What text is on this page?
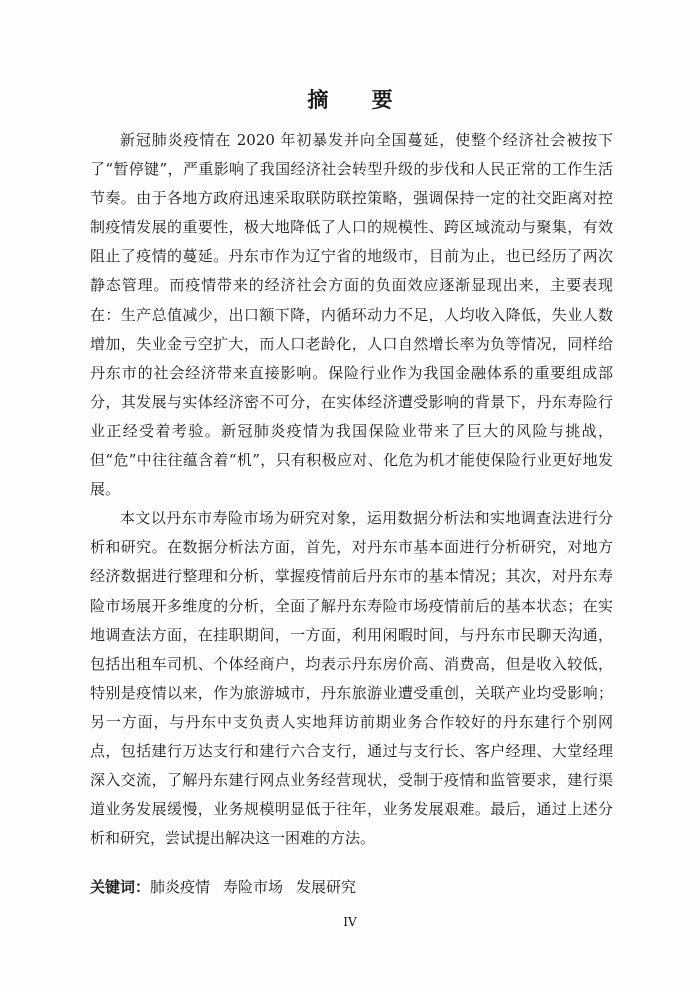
摘 要

新冠肺炎疫情在 2020 年初暴发并向全国蔓延，使整个经济社会被按下了“暂停键”，严重影响了我国经济社会转型升级的步伐和人民正常的工作生活节奏。由于各地方政府迅速采取联防联控策略，强调保持一定的社交距离对控制疫情发展的重要性，极大地降低了人口的规模性、跨区域流动与聚集，有效阻止了疫情的蔓延。丹东市作为辽宁省的地级市，目前为止，也已经历了两次静态管理。而疫情带来的经济社会方面的负面效应逐渐显现出来，主要表现在：生产总值减少，出口额下降，内循环动力不足，人均收入降低，失业人数增加，失业金亏空扩大，而人口老龄化，人口自然增长率为负等情况，同样给丹东市的社会经济带来直接影响。保险行业作为我国金融体系的重要组成部分，其发展与实体经济密不可分，在实体经济遭受影响的背景下，丹东寿险行业正经受着考验。新冠肺炎疫情为我国保险业带来了巨大的风险与挑战，但“危”中往往蕴含着“机”，只有积极应对、化危为机才能使保险行业更好地发展。

本文以丹东市寿险市场为研究对象，运用数据分析法和实地调查法进行分析和研究。在数据分析法方面，首先，对丹东市基本面进行分析研究，对地方经济数据进行整理和分析，掌握疫情前后丹东市的基本情况；其次，对丹东寿险市场展开多维度的分析，全面了解丹东寿险市场疫情前后的基本状态；在实地调查法方面，在挂职期间，一方面，利用闲暇时间，与丹东市民聊天沟通，包括出租车司机、个体经商户，均表示丹东房价高、消费高，但是收入较低，特别是疫情以来，作为旅游城市，丹东旅游业遭受重创，关联产业均受影响；另一方面，与丹东中支负责人实地拜访前期业务合作较好的丹东建行个别网点，包括建行万达支行和建行六合支行，通过与支行长、客户经理、大堂经理深入交流，了解丹东建行网点业务经营现状，受制于疫情和监管要求，建行渠道业务发展缓慢，业务规模明显低于往年，业务发展艰难。最后，通过上述分析和研究，尝试提出解决这一困难的方法。

关键词：肺炎疫情 寿险市场 发展研究
IV
